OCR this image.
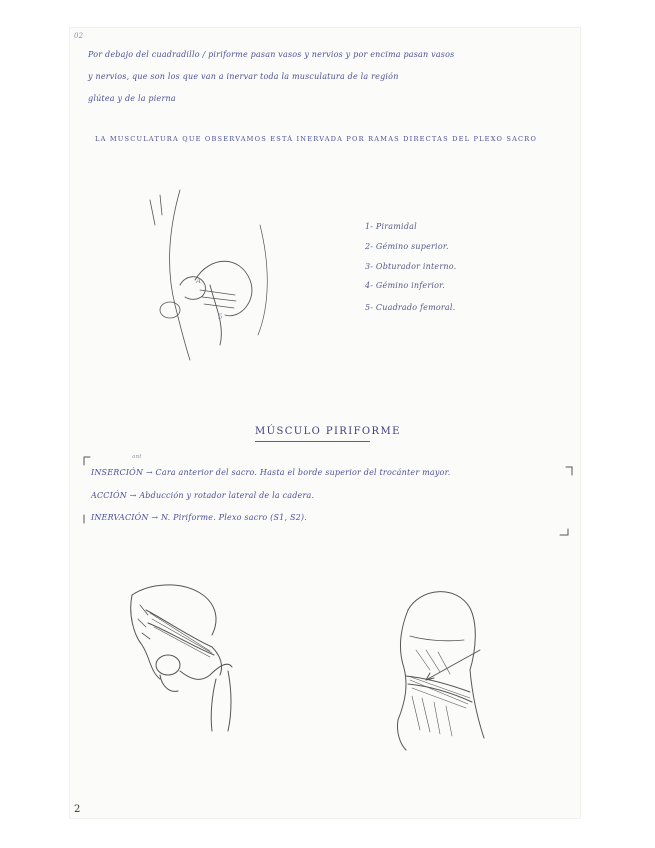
02
Por debajo del cuadradillo / piriforme pasan vasos y nervios y por encima pasan vasos
y nervios, que son los que van a inervar toda la musculatura de la región
glútea y de la pierna
LA MUSCULATURA QUE OBSERVAMOS ESTÁ INERVADA POR RAMAS DIRECTAS DEL PLEXO SACRO
A
5
1- Piramidal
2- Gémino superior.
3- Obturador interno.
4- Gémino inferior.
5- Cuadrado femoral.
MÚSCULO PIRIFORME
ant
INSERCIÓN → Cara anterior del sacro. Hasta el borde superior del trocánter mayor.
ACCIÓN → Abducción y rotador lateral de la cadera.
INERVACIÓN → N. Piriforme. Plexo sacro (S1, S2).
2
